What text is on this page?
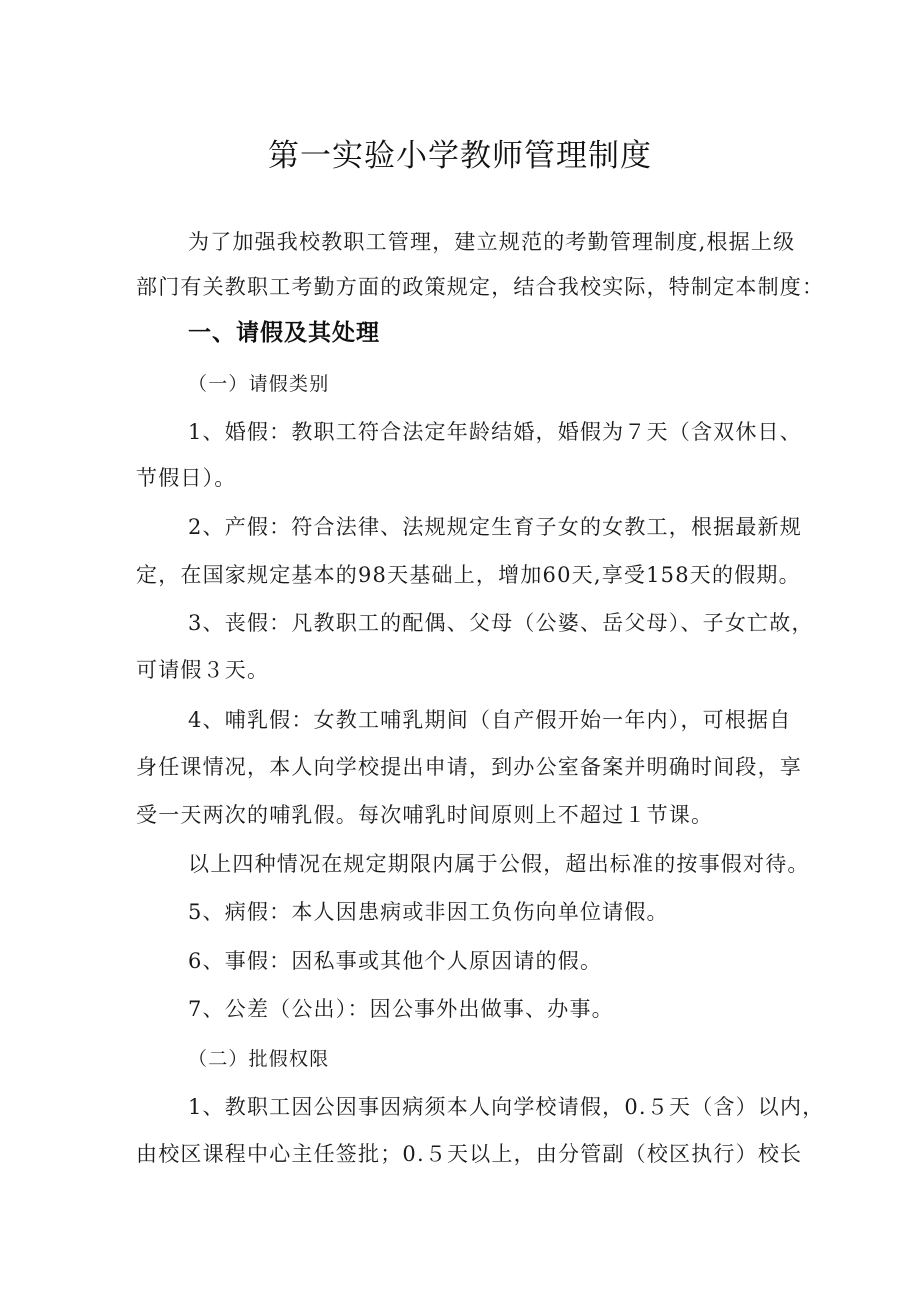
第一实验小学教师管理制度
为了加强我校教职工管理，建立规范的考勤管理制度,根据上级
部门有关教职工考勤方面的政策规定，结合我校实际，特制定本制度：
一、请假及其处理
（一）请假类别
1、婚假：教职工符合法定年龄结婚，婚假为７天（含双休日、
节假日）。
2、产假：符合法律、法规规定生育子女的女教工，根据最新规
定，在国家规定基本的98天基础上，增加60天,享受158天的假期。
3、丧假：凡教职工的配偶、父母（公婆、岳父母）、子女亡故，
可请假３天。
4、哺乳假：女教工哺乳期间（自产假开始一年内），可根据自
身任课情况，本人向学校提出申请，到办公室备案并明确时间段，享
受一天两次的哺乳假。每次哺乳时间原则上不超过１节课。
以上四种情况在规定期限内属于公假，超出标准的按事假对待。
5、病假：本人因患病或非因工负伤向单位请假。
6、事假：因私事或其他个人原因请的假。
7、公差（公出）：因公事外出做事、办事。
（二）批假权限
1、教职工因公因事因病须本人向学校请假，0.５天（含）以内，
由校区课程中心主任签批；0.５天以上，由分管副（校区执行）校长
